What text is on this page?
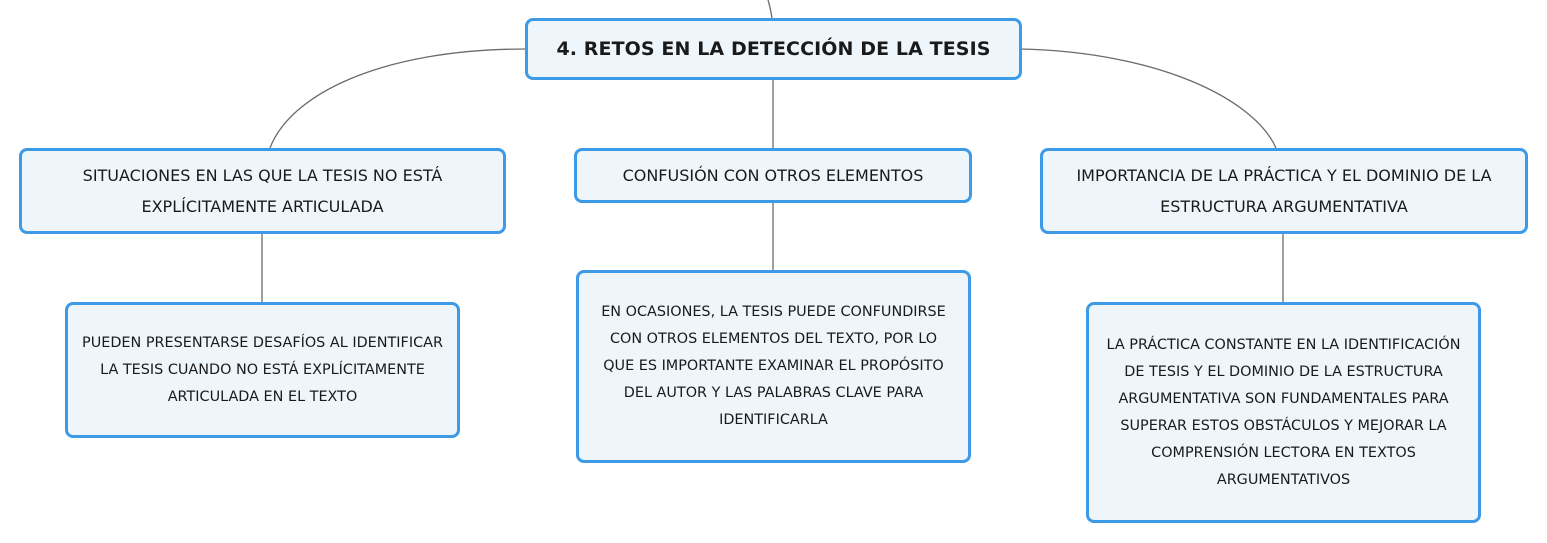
4. RETOS EN LA DETECCIÓN DE LA TESIS
SITUACIONES EN LAS QUE LA TESIS NO ESTÁ EXPLÍCITAMENTE ARTICULADA
CONFUSIÓN CON OTROS ELEMENTOS	IMPORTANCIA DE LA PRÁCTICA Y EL DOMINIO DE LA ESTRUCTURA ARGUMENTATIVA
PUEDEN PRESENTARSE DESAFÍOS AL IDENTIFICAR LA TESIS CUANDO NO ESTÁ EXPLÍCITAMENTE ARTICULADA EN EL TEXTO
EN OCASIONES, LA TESIS PUEDE CONFUNDIRSE CON OTROS ELEMENTOS DEL TEXTO, POR LO QUE ES IMPORTANTE EXAMINAR EL PROPÓSITO DEL AUTOR Y LAS PALABRAS CLAVE PARA IDENTIFICARLA
LA PRÁCTICA CONSTANTE EN LA IDENTIFICACIÓN DE TESIS Y EL DOMINIO DE LA ESTRUCTURA ARGUMENTATIVA SON FUNDAMENTALES PARA SUPERAR ESTOS OBSTÁCULOS Y MEJORAR LA COMPRENSIÓN LECTORA EN TEXTOS ARGUMENTATIVOS
